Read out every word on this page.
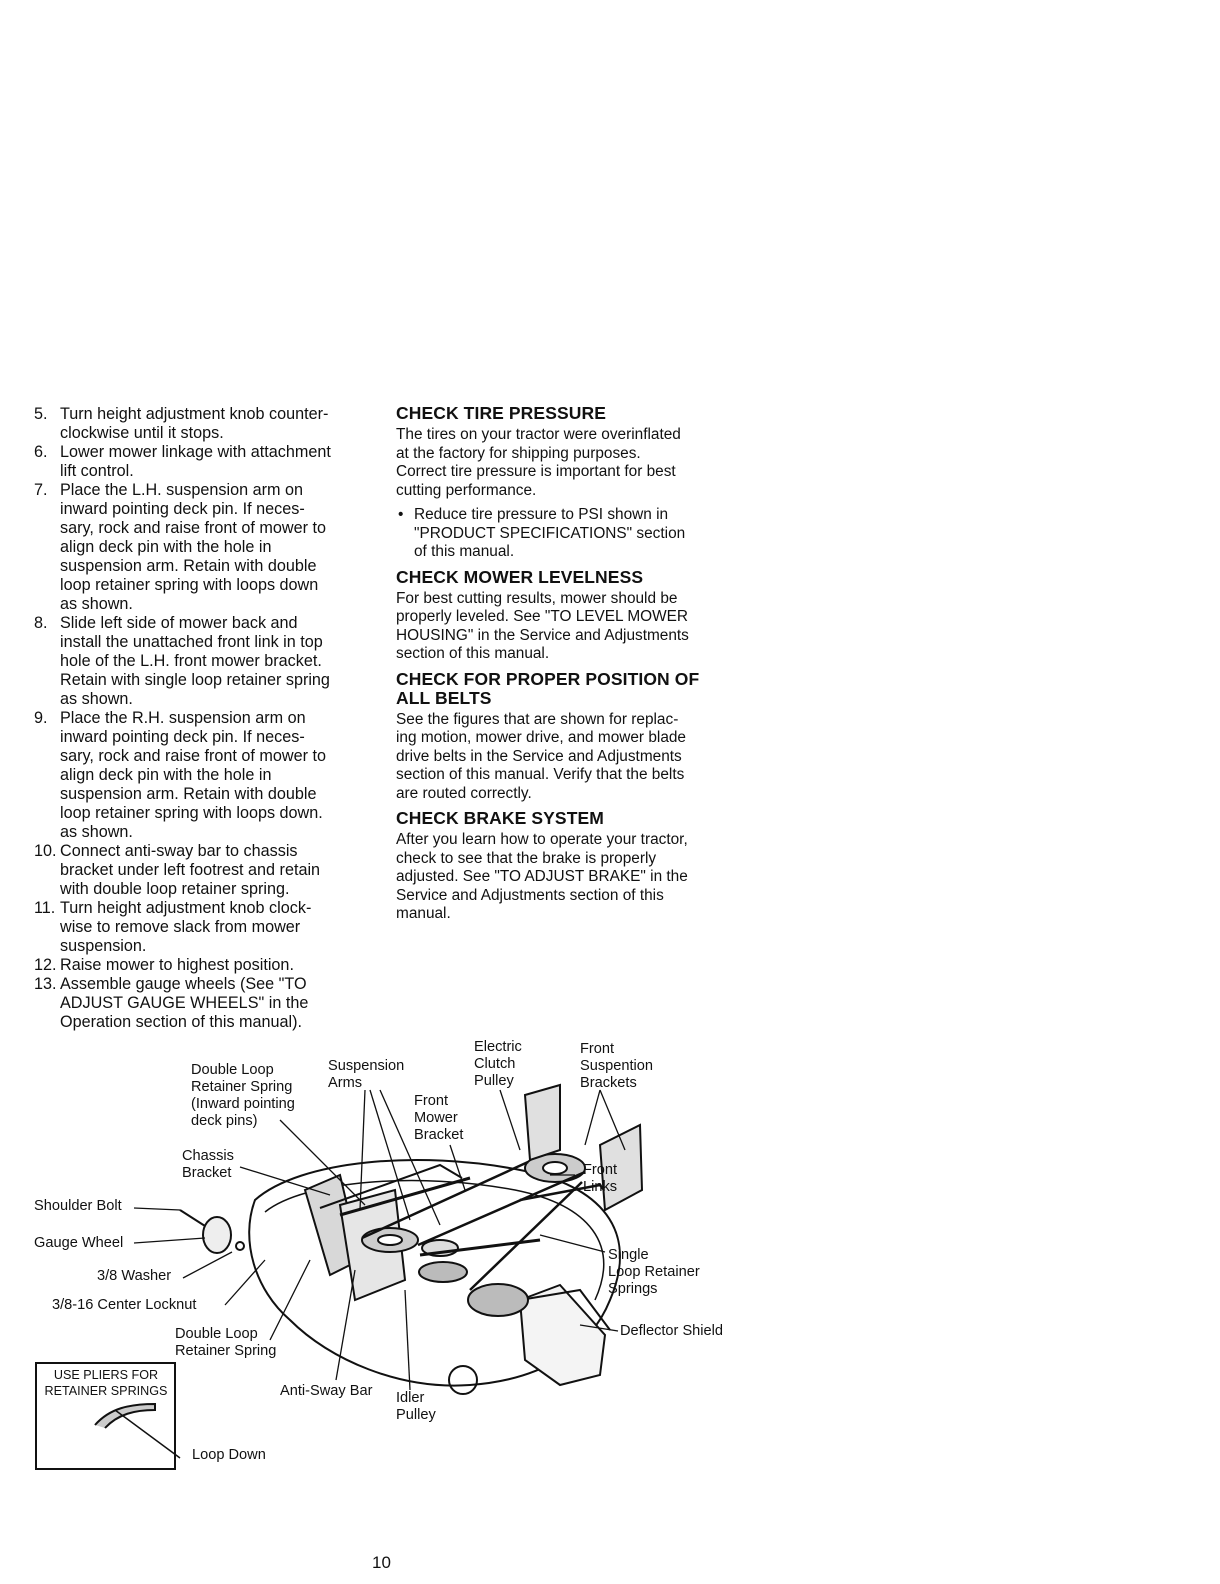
5. Turn height adjustment knob counter-
clockwise until it stops.
6. Lower mower linkage with attachment
lift control.
7. Place the L.H. suspension arm on
inward pointing deck pin. If neces-
sary, rock and raise front of mower to
align deck pin with the hole in
suspension arm. Retain with double
loop retainer spring with loops down
as shown.
8. Slide left side of mower back and
install the unattached front link in top
hole of the L.H. front mower bracket.
Retain with single loop retainer spring
as shown.
9. Place the R.H. suspension arm on
inward pointing deck pin. If neces-
sary, rock and raise front of mower to
align deck pin with the hole in
suspension arm. Retain with double
loop retainer spring with loops down.
as shown.
10. Connect anti-sway bar to chassis
bracket under left footrest and retain
with double loop retainer spring.
11. Turn height adjustment knob clock-
wise to remove slack from mower
suspension.
12. Raise mower to highest position.
13. Assemble gauge wheels (See "TO
ADJUST GAUGE WHEELS" in the
Operation section of this manual).
CHECK TIRE PRESSURE

The tires on your tractor were overinflated
at the factory for shipping purposes.
Correct tire pressure is important for best
cutting performance.

• Reduce tire pressure to PSI shown in
"PRODUCT SPECIFICATIONS" section
of this manual.
CHECK MOWER LEVELNESS

For best cutting results, mower should be
properly leveled. See "TO LEVEL MOWER
HOUSING" in the Service and Adjustments
section of this manual.

CHECK FOR PROPER POSITION OF
ALL BELTS

See the figures that are shown for replac-
ing motion, mower drive, and mower blade
drive belts in the Service and Adjustments
section of this manual. Verify that the belts
are routed correctly.

CHECK BRAKE SYSTEM

After you learn how to operate your tractor,
check to see that the brake is properly
adjusted. See "TO ADJUST BRAKE" in the
Service and Adjustments section of this
manual.

Double Loop
Retainer Spring
(Inward pointing
deck pins)
Suspension
Arms
Electric
Clutch
Pulley
Front
Suspention
Brackets
Front
Mower
Bracket
Chassis
Bracket	Front
Links
Shoulder Bolt
Gauge Wheel
3/8 Washer
3/8-16 Center Locknut
Single
Loop Retainer
Springs
Deflector Shield
Double Loop
Retainer Spring
Anti-Sway Bar Idler
Pulley
Loop Down
USE PLIERS FOR
RETAINER SPRINGS
10
